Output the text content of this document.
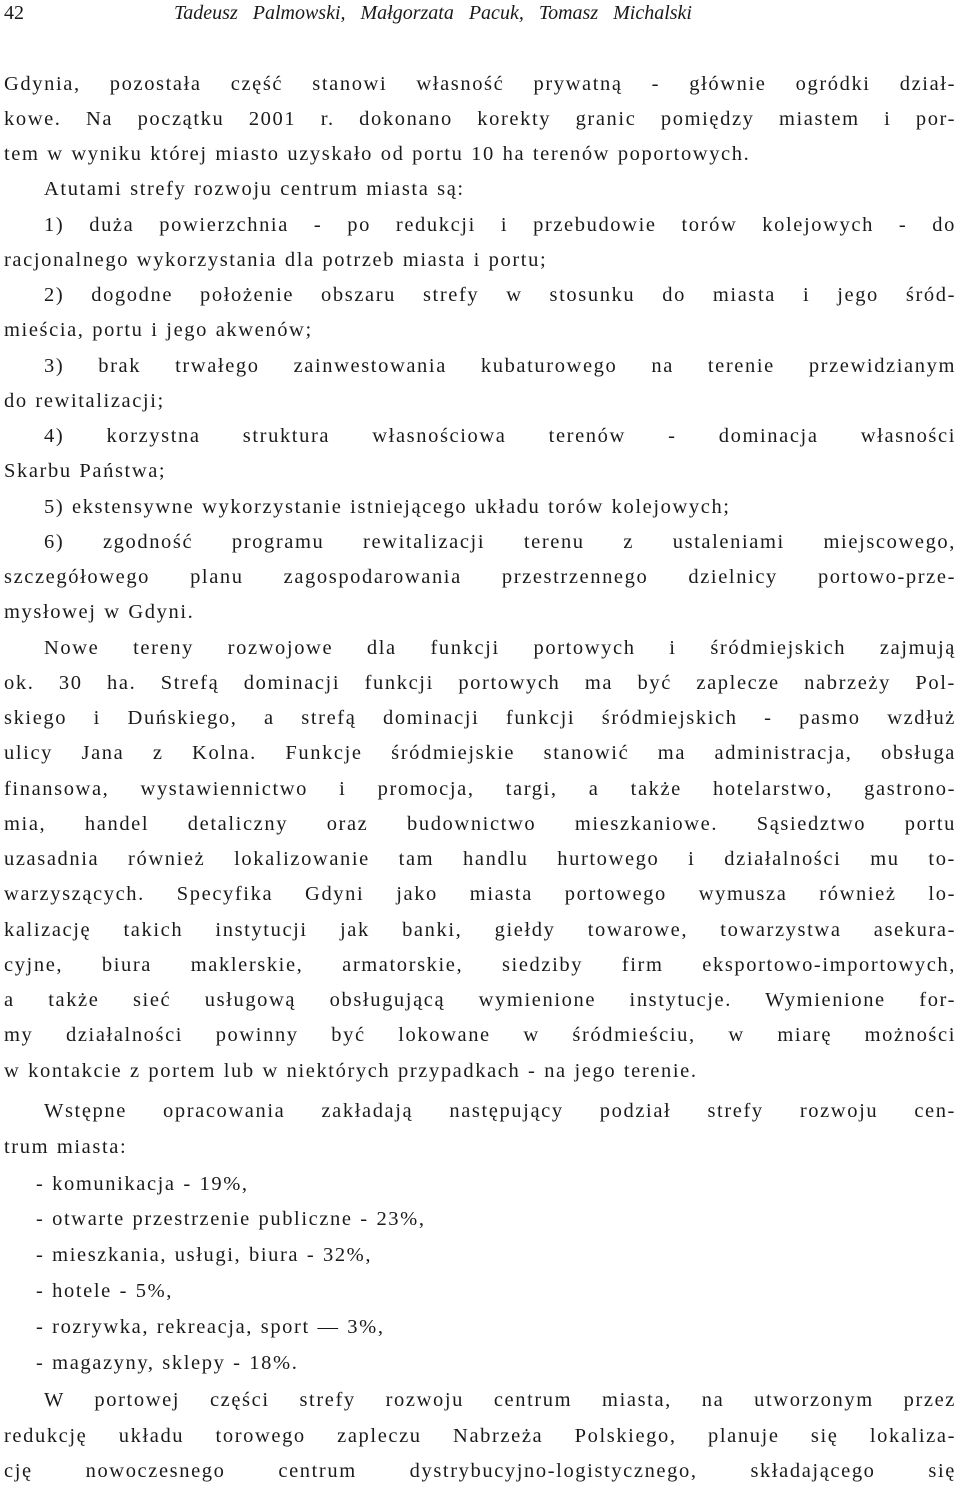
42	Tadeusz Palmowski, Małgorzata Pacuk, Tomasz Michalski
Gdynia, pozostała część stanowi własność prywatną - głównie ogródki dział-
kowe. Na początku 2001 r. dokonano korekty granic pomiędzy miastem i por-
tem w wyniku której miasto uzyskało od portu 10 ha terenów poportowych.
Atutami strefy rozwoju centrum miasta są:
1) duża powierzchnia - po redukcji i przebudowie torów kolejowych - do
racjonalnego wykorzystania dla potrzeb miasta i portu;
2) dogodne położenie obszaru strefy w stosunku do miasta i jego śród-
mieścia, portu i jego akwenów;
3) brak trwałego zainwestowania kubaturowego na terenie przewidzianym
do rewitalizacji;
4) korzystna struktura własnościowa terenów - dominacja własności
Skarbu Państwa;
5) ekstensywne wykorzystanie istniejącego układu torów kolejowych;
6) zgodność programu rewitalizacji terenu z ustaleniami miejscowego,
szczegółowego planu zagospodarowania przestrzennego dzielnicy portowo-prze-
mysłowej w Gdyni.
Nowe tereny rozwojowe dla funkcji portowych i śródmiejskich zajmują
ok. 30 ha. Strefą dominacji funkcji portowych ma być zaplecze nabrzeży Pol-
skiego i Duńskiego, a strefą dominacji funkcji śródmiejskich - pasmo wzdłuż
ulicy Jana z Kolna. Funkcje śródmiejskie stanowić ma administracja, obsługa
finansowa, wystawiennictwo i promocja, targi, a także hotelarstwo, gastrono-
mia, handel detaliczny oraz budownictwo mieszkaniowe. Sąsiedztwo portu
uzasadnia również lokalizowanie tam handlu hurtowego i działalności mu to-
warzyszących. Specyfika Gdyni jako miasta portowego wymusza również lo-
kalizację takich instytucji jak banki, giełdy towarowe, towarzystwa asekura-
cyjne, biura maklerskie, armatorskie, siedziby firm eksportowo-importowych,
a także sieć usługową obsługującą wymienione instytucje. Wymienione for-
my działalności powinny być lokowane w śródmieściu, w miarę możności
w kontakcie z portem lub w niektórych przypadkach - na jego terenie.
Wstępne opracowania zakładają następujący podział strefy rozwoju cen-
trum miasta:
- komunikacja - 19%,
- otwarte przestrzenie publiczne - 23%,
- mieszkania, usługi, biura - 32%,
- hotele - 5%,
- rozrywka, rekreacja, sport — 3%,
- magazyny, sklepy - 18%.
W portowej części strefy rozwoju centrum miasta, na utworzonym przez
redukcję układu torowego zapleczu Nabrzeża Polskiego, planuje się lokaliza-
cję nowoczesnego centrum dystrybucyjno-logistycznego, składającego się
